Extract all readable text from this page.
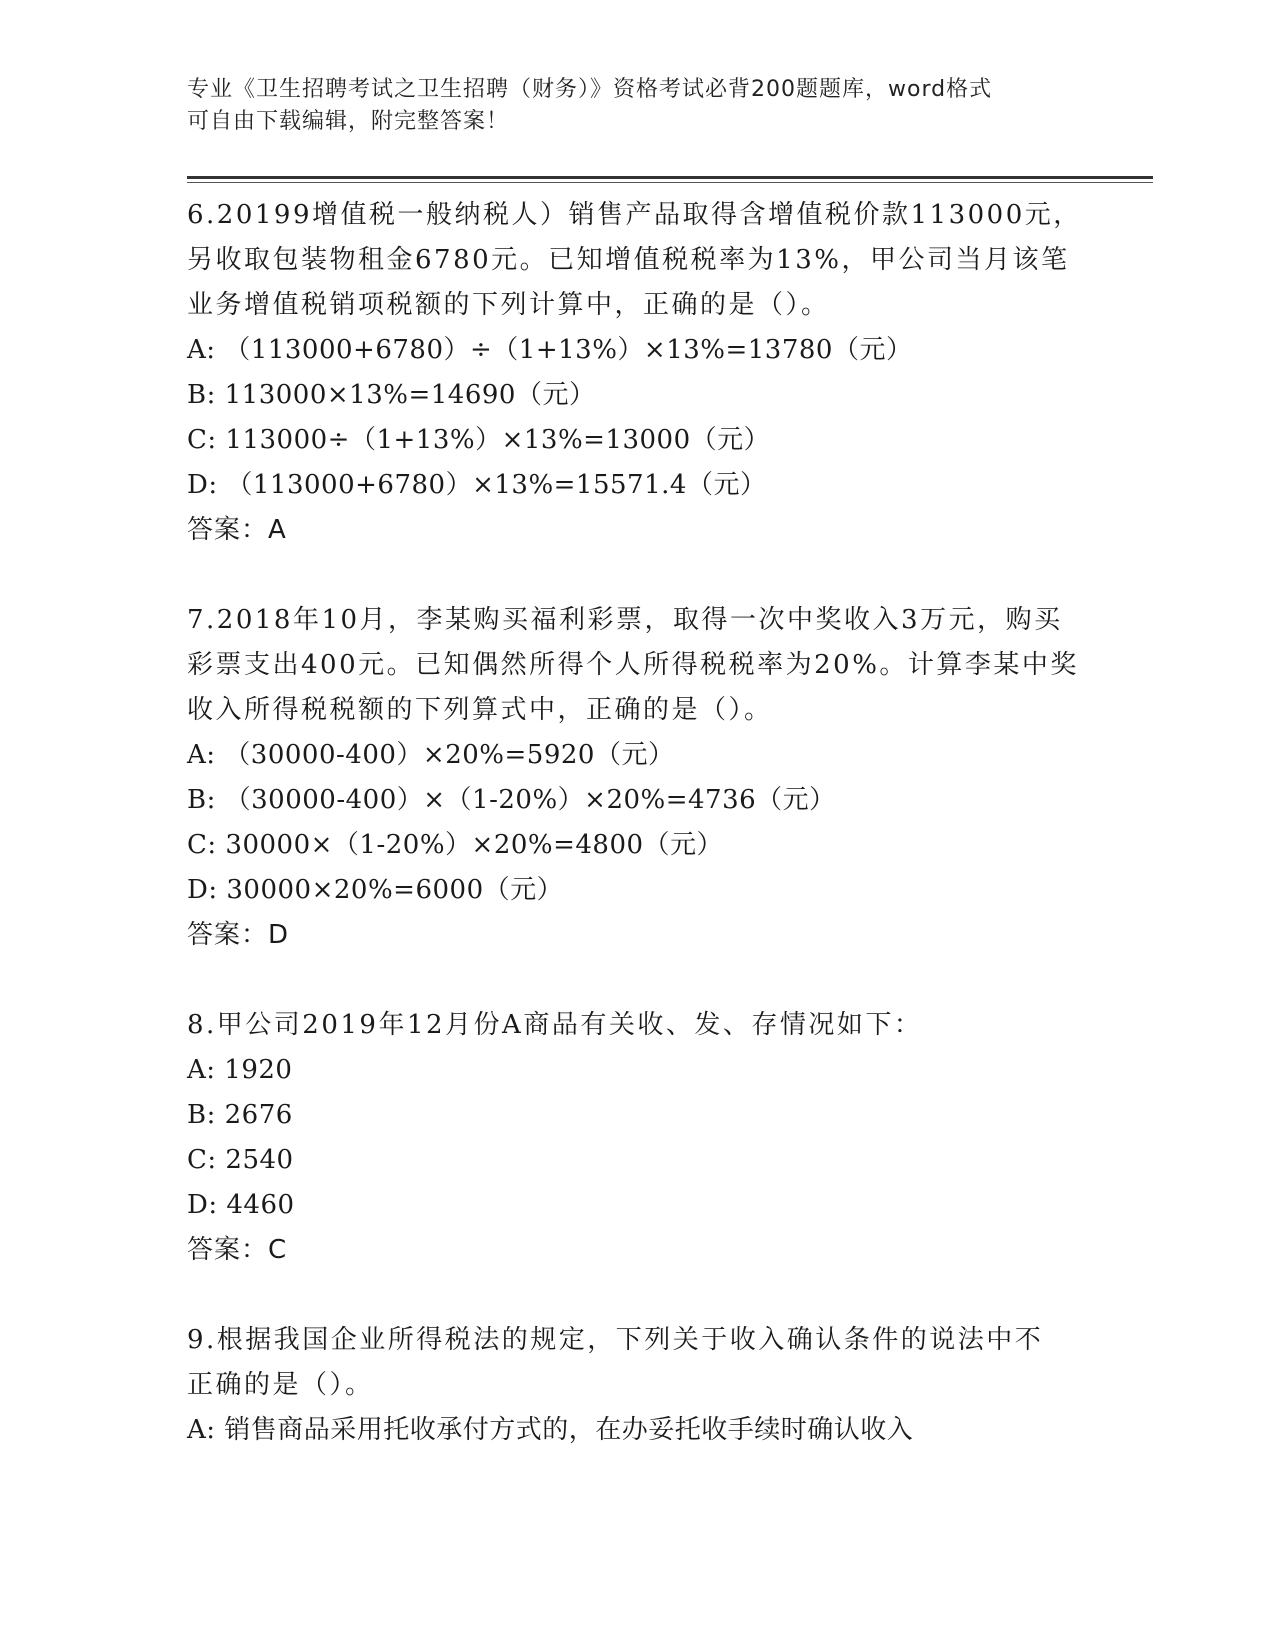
专业《卫生招聘考试之卫生招聘（财务）》资格考试必背200题题库，word格式
可自由下载编辑，附完整答案！

6.20199增值税一般纳税人）销售产品取得含增值税价款113000元，

另收取包装物租金6780元。已知增值税税率为13%，甲公司当月该笔

业务增值税销项税额的下列计算中，正确的是（）。

A: （113000+6780）÷（1+13%）×13%=13780（元）

B: 113000×13%=14690（元）

C: 113000÷（1+13%）×13%=13000（元）

D: （113000+6780）×13%=15571.4（元）

答案：A

7.2018年10月，李某购买福利彩票，取得一次中奖收入3万元，购买

彩票支出400元。已知偶然所得个人所得税税率为20%。计算李某中奖

收入所得税税额的下列算式中，正确的是（）。

A: （30000-400）×20%=5920（元）

B: （30000-400）×（1-20%）×20%=4736（元）

C: 30000×（1-20%）×20%=4800（元）

D: 30000×20%=6000（元）

答案：D

8.甲公司2019年12月份A商品有关收、发、存情况如下：

A: 1920

B: 2676

C: 2540

D: 4460

答案：C

9.根据我国企业所得税法的规定，下列关于收入确认条件的说法中不

正确的是（）。

A: 销售商品采用托收承付方式的，在办妥托收手续时确认收入
